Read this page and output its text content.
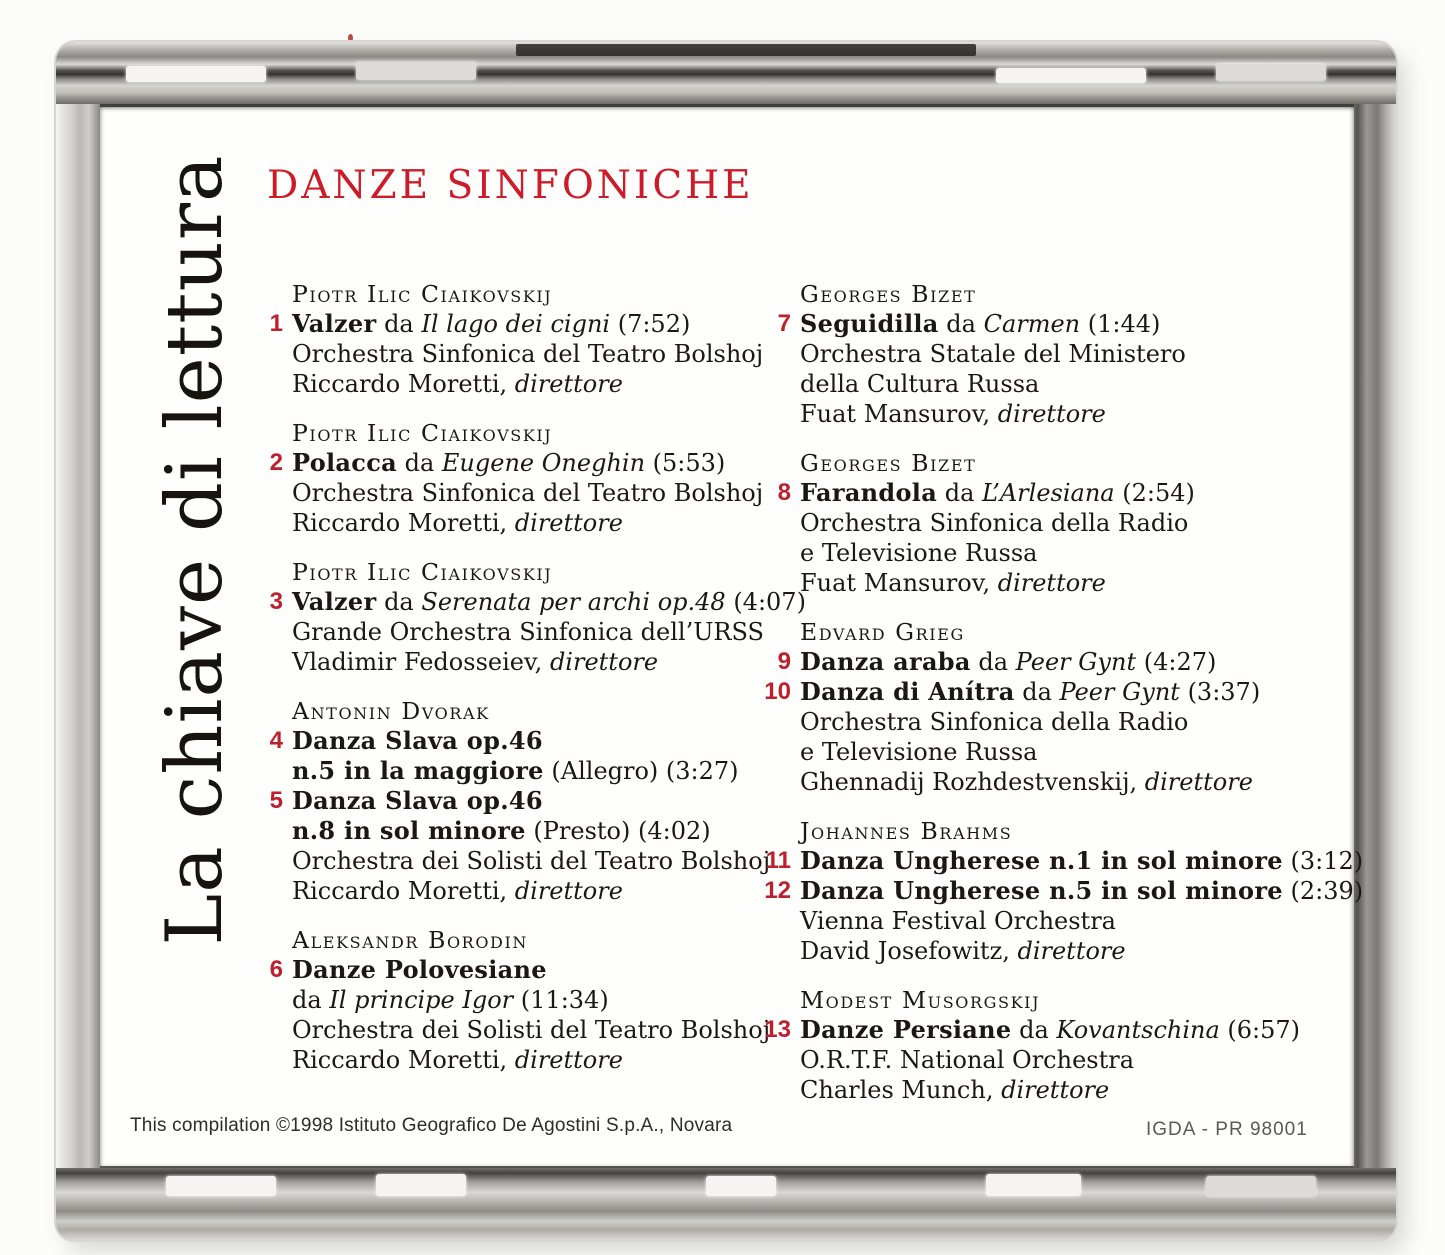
La chiave di lettura DANZE SINFONICHE
Piotr Ilic Ciaikovskij
1 Valzer da Il lago dei cigni (7:52)
Orchestra Sinfonica del Teatro Bolshoj
Riccardo Moretti, direttore
Piotr Ilic Ciaikovskij
2 Polacca da Eugene Oneghin (5:53)
Orchestra Sinfonica del Teatro Bolshoj
Riccardo Moretti, direttore
Piotr Ilic Ciaikovskij
3 Valzer da Serenata per archi op.48 (4:07)
Grande Orchestra Sinfonica dell’URSS
Vladimir Fedosseiev, direttore
Antonin Dvorak
4 Danza Slava op.46
n.5 in la maggiore (Allegro) (3:27)
5 Danza Slava op.46
n.8 in sol minore (Presto) (4:02)
Orchestra dei Solisti del Teatro Bolshoj
Riccardo Moretti, direttore
Aleksandr Borodin
6 Danze Polovesiane
da Il principe Igor (11:34)
Orchestra dei Solisti del Teatro Bolshoj
Riccardo Moretti, direttore
Georges Bizet
7 Seguidilla da Carmen (1:44)
Orchestra Statale del Ministero
della Cultura Russa
Fuat Mansurov, direttore
Georges Bizet
8 Farandola da L’Arlesiana (2:54)
Orchestra Sinfonica della Radio
e Televisione Russa
Fuat Mansurov, direttore
Edvard Grieg
9 Danza araba da Peer Gynt (4:27)
10 Danza di Anítra da Peer Gynt (3:37)
Orchestra Sinfonica della Radio
e Televisione Russa
Ghennadij Rozhdestvenskij, direttore
Johannes Brahms
11 Danza Ungherese n.1 in sol minore (3:12)
12 Danza Ungherese n.5 in sol minore (2:39)
Vienna Festival Orchestra
David Josefowitz, direttore
Modest Musorgskij
13 Danze Persiane da Kovantschina (6:57)
O.R.T.F. National Orchestra
Charles Munch, direttore
This compilation ©1998 Istituto Geografico De Agostini S.p.A., Novara	IGDA - PR 98001
